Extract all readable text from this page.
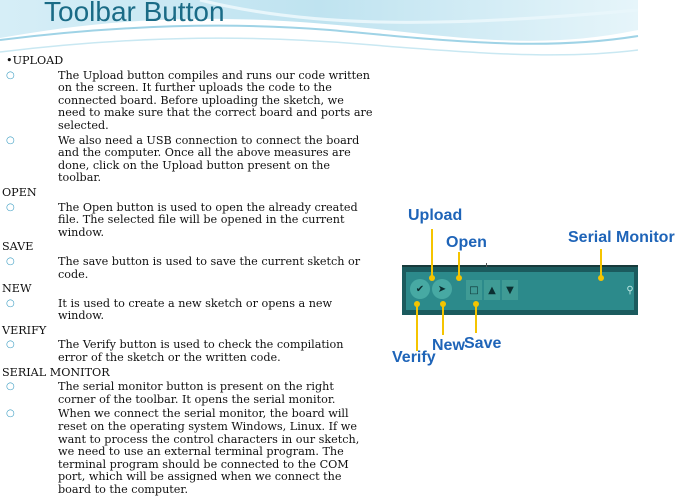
Toolbar Button
•UPLOAD
○	The Upload button compiles and runs our code written on the screen. It further uploads the code to the connected board. Before uploading the sketch, we need to make sure that the correct board and ports are selected.
○	We also need a USB connection to connect the board and the computer. Once all the above measures are done, click on the Upload button present on the toolbar.
OPEN
○	The Open button is used to open the already created file. The selected file will be opened in the current window.
SAVE
○	The save button is used to save the current sketch or code.
NEW
○	It is used to create a new sketch or opens a new window.
VERIFY
○	The Verify button is used to check the compilation error of the sketch or the written code.
SERIAL MONITOR
○	The serial monitor button is present on the right corner of the toolbar. It opens the serial monitor.
○	When we connect the serial monitor, the board will reset on the operating system Windows, Linux. If we want to process the control characters in our sketch, we need to use an external terminal program. The terminal program should be connected to the COM port, which will be assigned when we connect the board to the computer.
✔	➤	□ ▲	▼	⚲
Upload
Open	Serial Monitor
Verify
New Save
